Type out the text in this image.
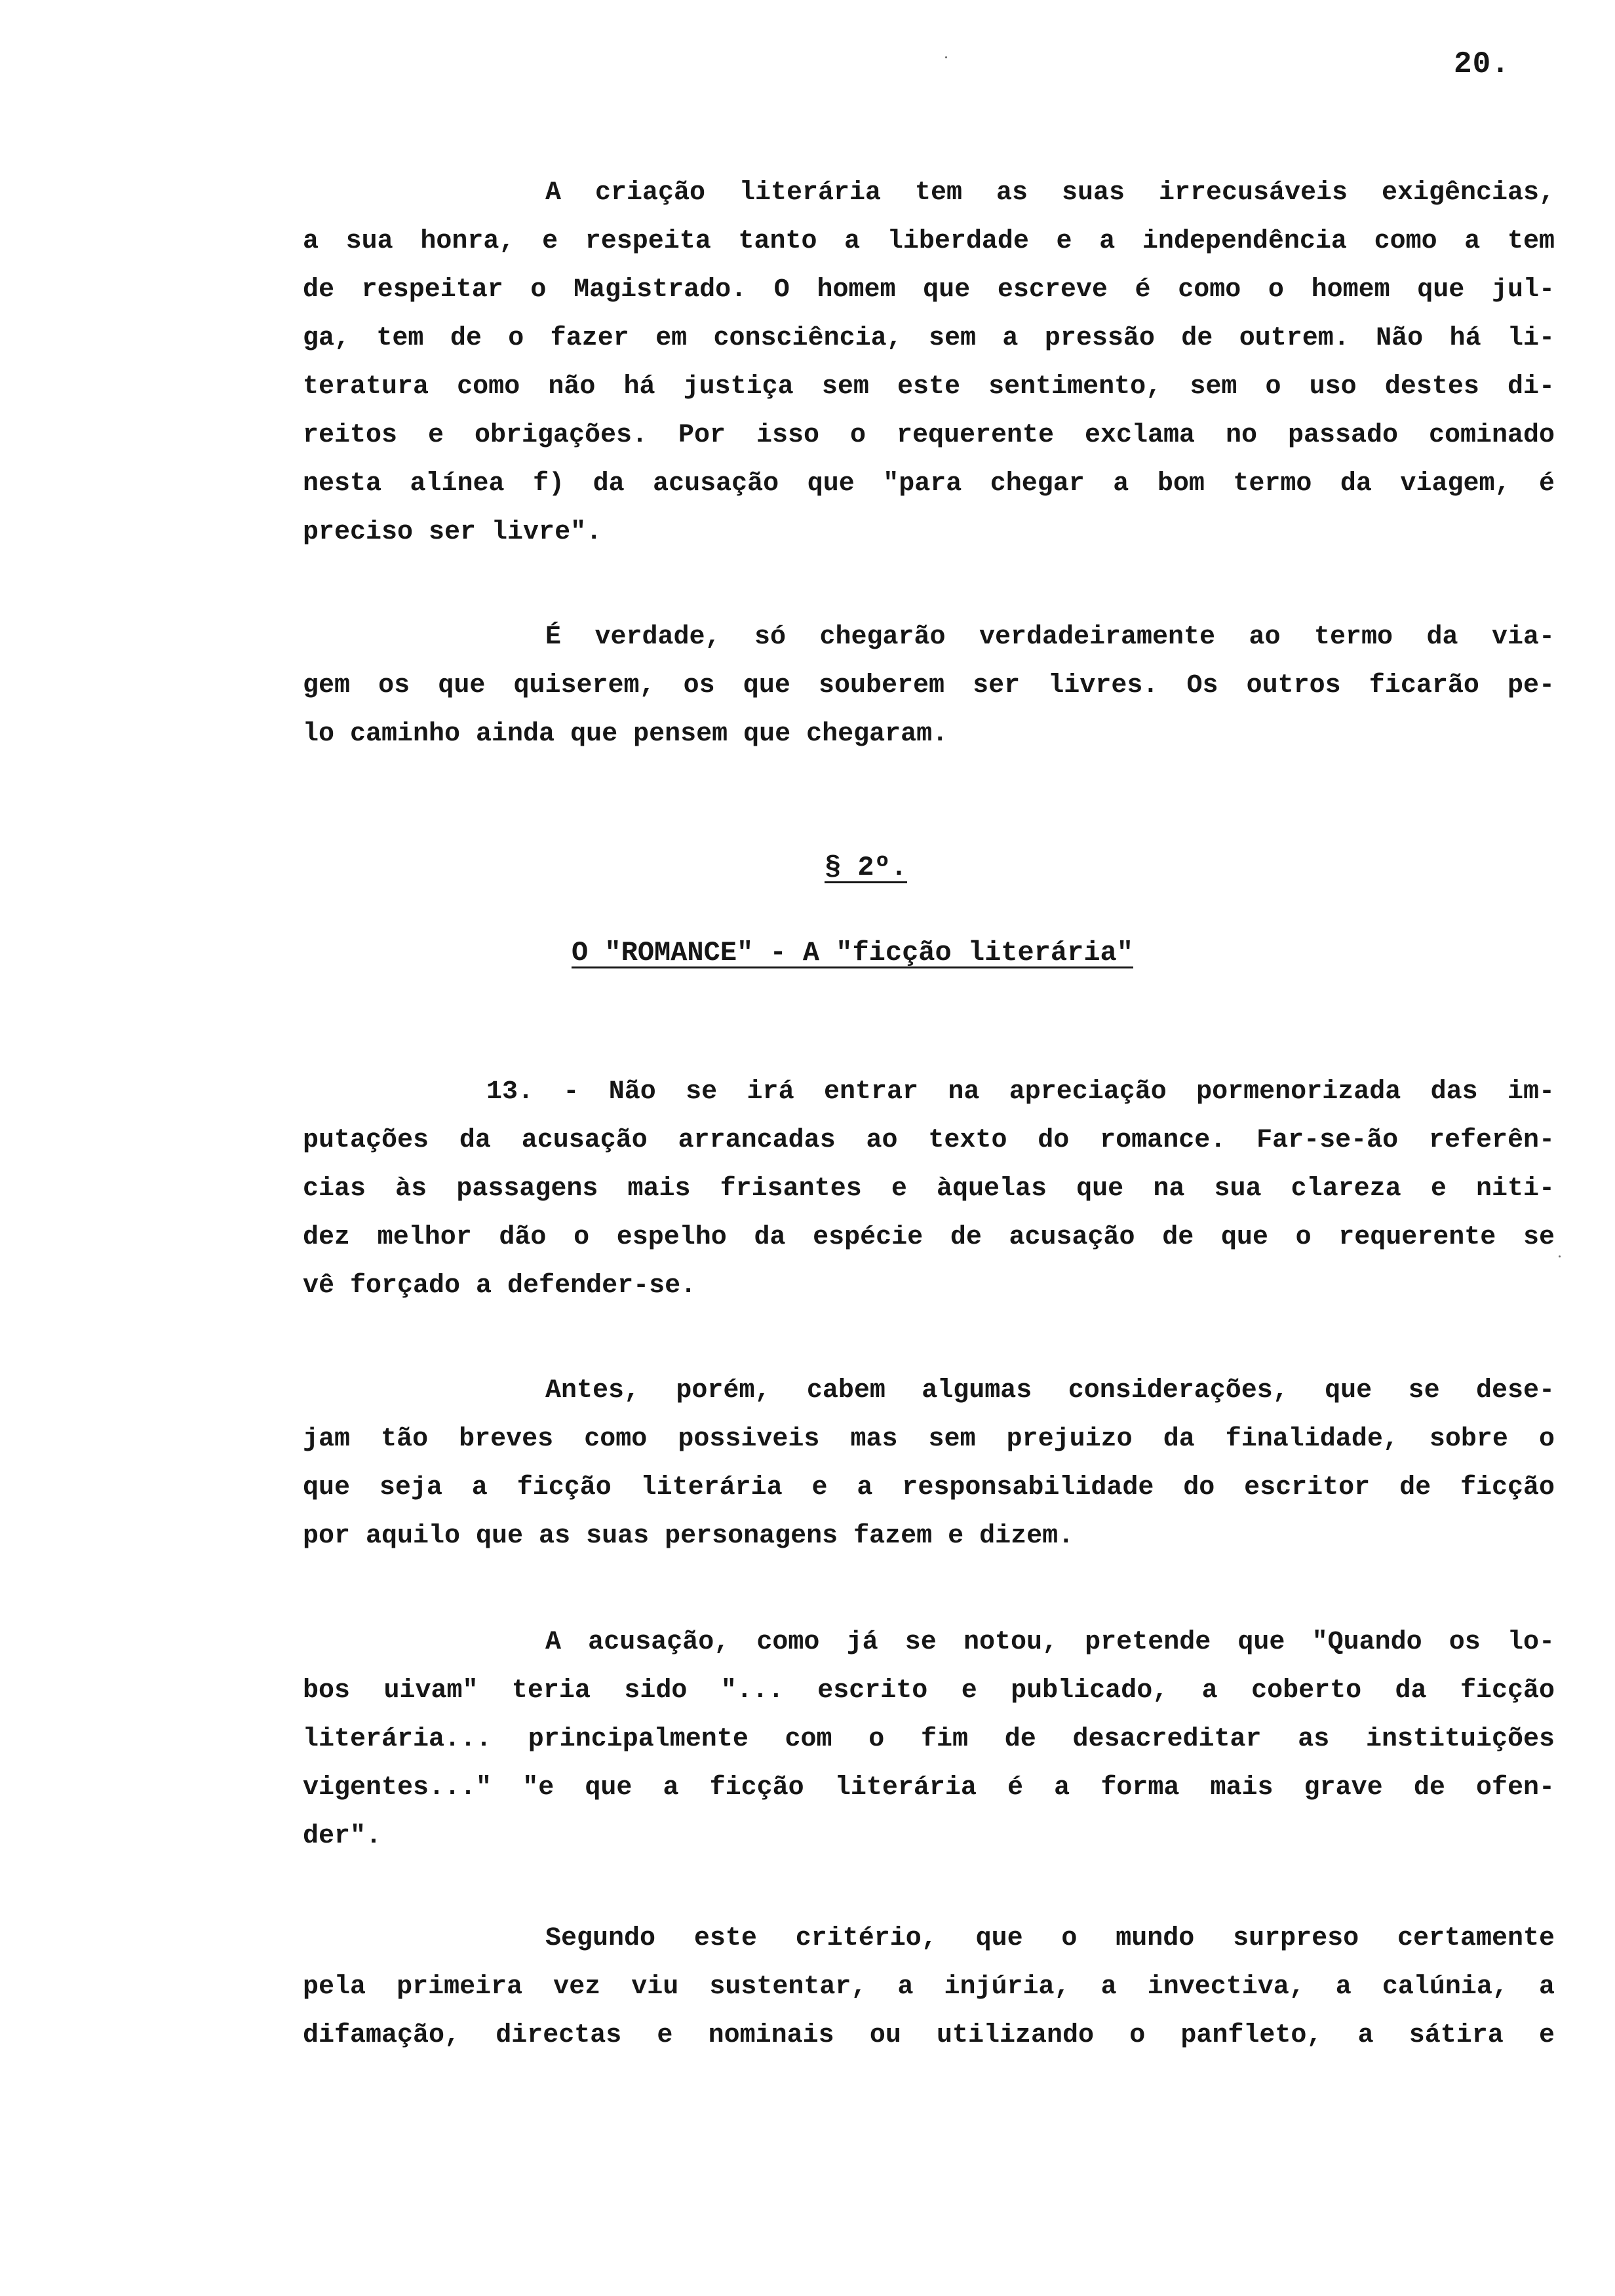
20.
A criação literária tem as suas irrecusáveis exigências,
a sua honra, e respeita tanto a liberdade e a independência como a tem
de respeitar o Magistrado. O homem que escreve é como o homem que jul-
ga, tem de o fazer em consciência, sem a pressão de outrem. Não há li-
teratura como não há justiça sem este sentimento, sem o uso destes di-
reitos e obrigações. Por isso o requerente exclama no passado cominado
nesta alínea f) da acusação que "para chegar a bom termo da viagem, é
preciso ser livre".
É verdade, só chegarão verdadeiramente ao termo da via-
gem os que quiserem, os que souberem ser livres. Os outros ficarão pe-
lo caminho ainda que pensem que chegaram.
§ 2º.
O "ROMANCE" - A "ficção literária"
13. - Não se irá entrar na apreciação pormenorizada das im-
putações da acusação arrancadas ao texto do romance. Far-se-ão referên-
cias às passagens mais frisantes e àquelas que na sua clareza e niti-
dez melhor dão o espelho da espécie de acusação de que o requerente se
vê forçado a defender-se.
Antes, porém, cabem algumas considerações, que se dese-
jam tão breves como possiveis mas sem prejuizo da finalidade, sobre o
que seja a ficção literária e a responsabilidade do escritor de ficção
por aquilo que as suas personagens fazem e dizem.
A acusação, como já se notou, pretende que "Quando os lo-
bos uivam" teria sido "... escrito e publicado, a coberto da ficção
literária... principalmente com o fim de desacreditar as instituições
vigentes..." "e que a ficção literária é a forma mais grave de ofen-
der".
Segundo este critério, que o mundo surpreso certamente
pela primeira vez viu sustentar, a injúria, a invectiva, a calúnia, a
difamação, directas e nominais ou utilizando o panfleto, a sátira e
